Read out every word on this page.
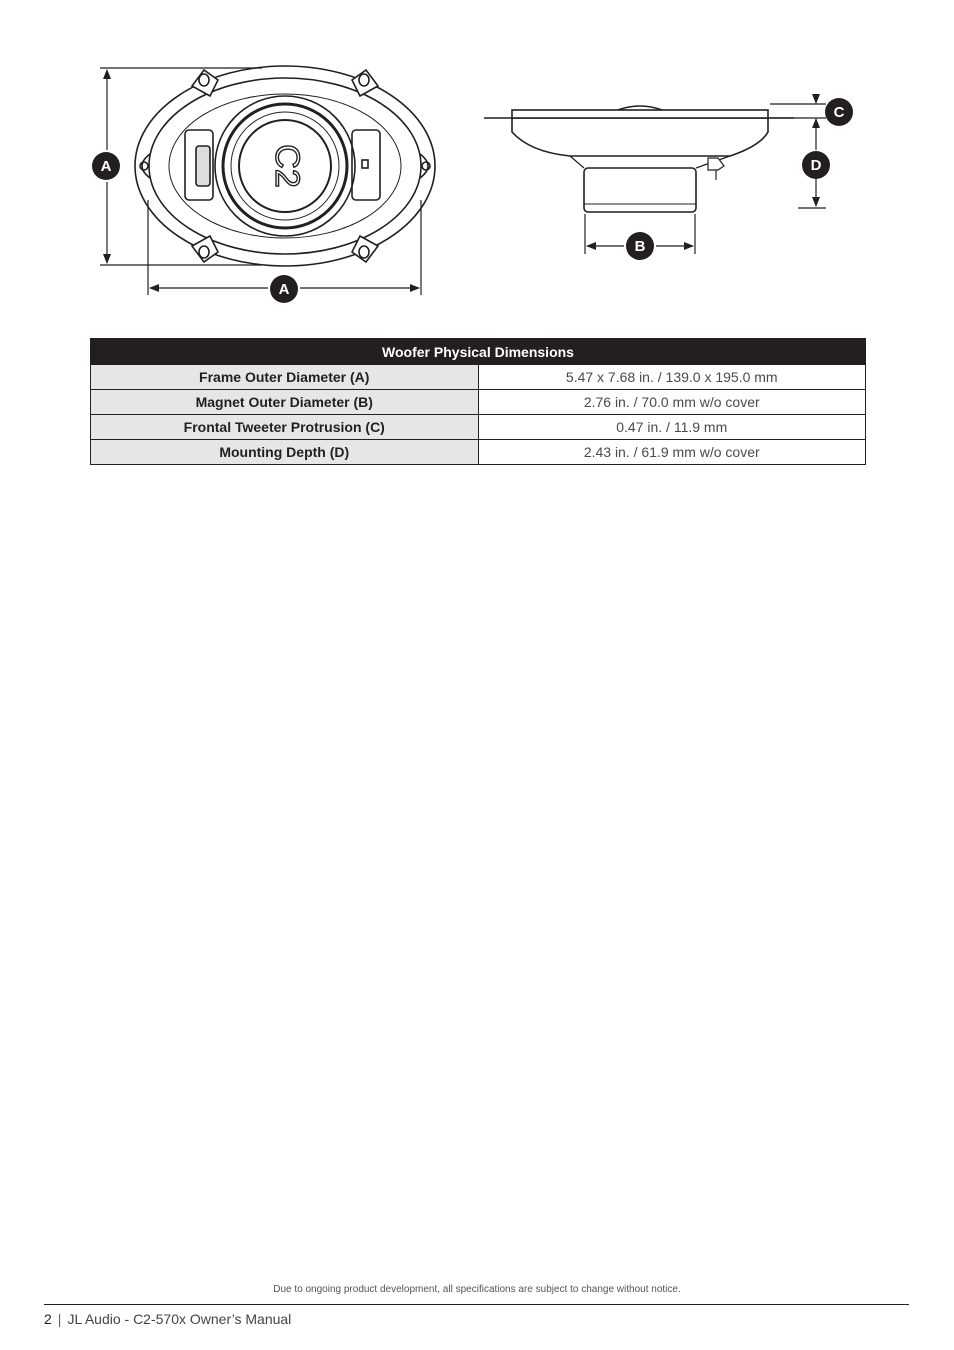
C2
A
A
B
C
D
Woofer Physical Dimensions	
Frame Outer Diameter (A)	5.47 x 7.68 in. / 139.0 x 195.0 mm
Magnet Outer Diameter (B)	2.76 in. / 70.0 mm w/o cover
Frontal Tweeter Protrusion (C)	0.47 in. / 11.9 mm
Mounting Depth (D)	2.43 in. / 61.9 mm w/o cover
Due to ongoing product development, all specifications are subject to change without notice.
2 | JL Audio - C2-570x Owner’s Manual
